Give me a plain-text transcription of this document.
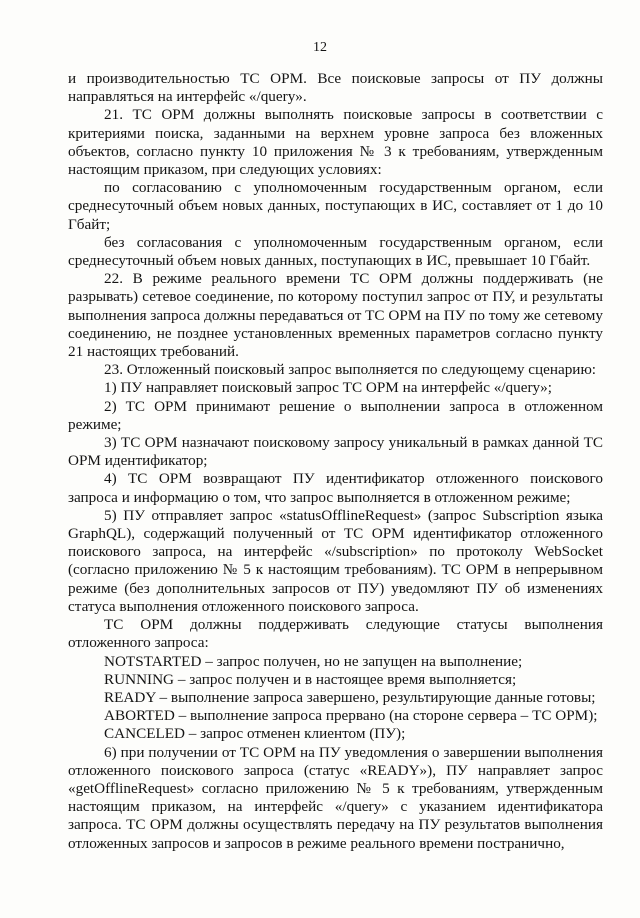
12

и производительностью ТС ОРМ. Все поисковые запросы от ПУ должны направляться на интерфейс «/query».

21. ТС ОРМ должны выполнять поисковые запросы в соответствии с критериями поиска, заданными на верхнем уровне запроса без вложенных объектов, согласно пункту 10 приложения № 3 к требованиям, утвержденным настоящим приказом, при следующих условиях:

по согласованию с уполномоченным государственным органом, если среднесуточный объем новых данных, поступающих в ИС, составляет от 1 до 10 Гбайт;

без согласования с уполномоченным государственным органом, если среднесуточный объем новых данных, поступающих в ИС, превышает 10 Гбайт.

22. В режиме реального времени ТС ОРМ должны поддерживать (не разрывать) сетевое соединение, по которому поступил запрос от ПУ, и результаты выполнения запроса должны передаваться от ТС ОРМ на ПУ по тому же сетевому соединению, не позднее установленных временных параметров согласно пункту 21 настоящих требований.

23. Отложенный поисковый запрос выполняется по следующему сценарию:

1) ПУ направляет поисковый запрос ТС ОРМ на интерфейс «/query»;

2) ТС ОРМ принимают решение о выполнении запроса в отложенном режиме;

3) ТС ОРМ назначают поисковому запросу уникальный в рамках данной ТС ОРМ идентификатор;

4) ТС ОРМ возвращают ПУ идентификатор отложенного поискового запроса и информацию о том, что запрос выполняется в отложенном режиме;

5) ПУ отправляет запрос «statusOfflineRequest» (запрос Subscription языка GraphQL), содержащий полученный от ТС ОРМ идентификатор отложенного поискового запроса, на интерфейс «/subscription» по протоколу WebSocket (согласно приложению № 5 к настоящим требованиям). ТС ОРМ в непрерывном режиме (без дополнительных запросов от ПУ) уведомляют ПУ об изменениях статуса выполнения отложенного поискового запроса.

ТС ОРМ должны поддерживать следующие статусы выполнения отложенного запроса:

NOTSTARTED – запрос получен, но не запущен на выполнение;

RUNNING – запрос получен и в настоящее время выполняется;

READY – выполнение запроса завершено, результирующие данные готовы;

ABORTED – выполнение запроса прервано (на стороне сервера – ТС ОРМ);

CANCELED – запрос отменен клиентом (ПУ);

6) при получении от ТС ОРМ на ПУ уведомления о завершении выполнения отложенного поискового запроса (статус «READY»), ПУ направляет запрос «getOfflineRequest» согласно приложению № 5 к требованиям, утвержденным настоящим приказом, на интерфейс «/query» с указанием идентификатора запроса. ТС ОРМ должны осуществлять передачу на ПУ результатов выполнения отложенных запросов и запросов в режиме реального времени постранично,
